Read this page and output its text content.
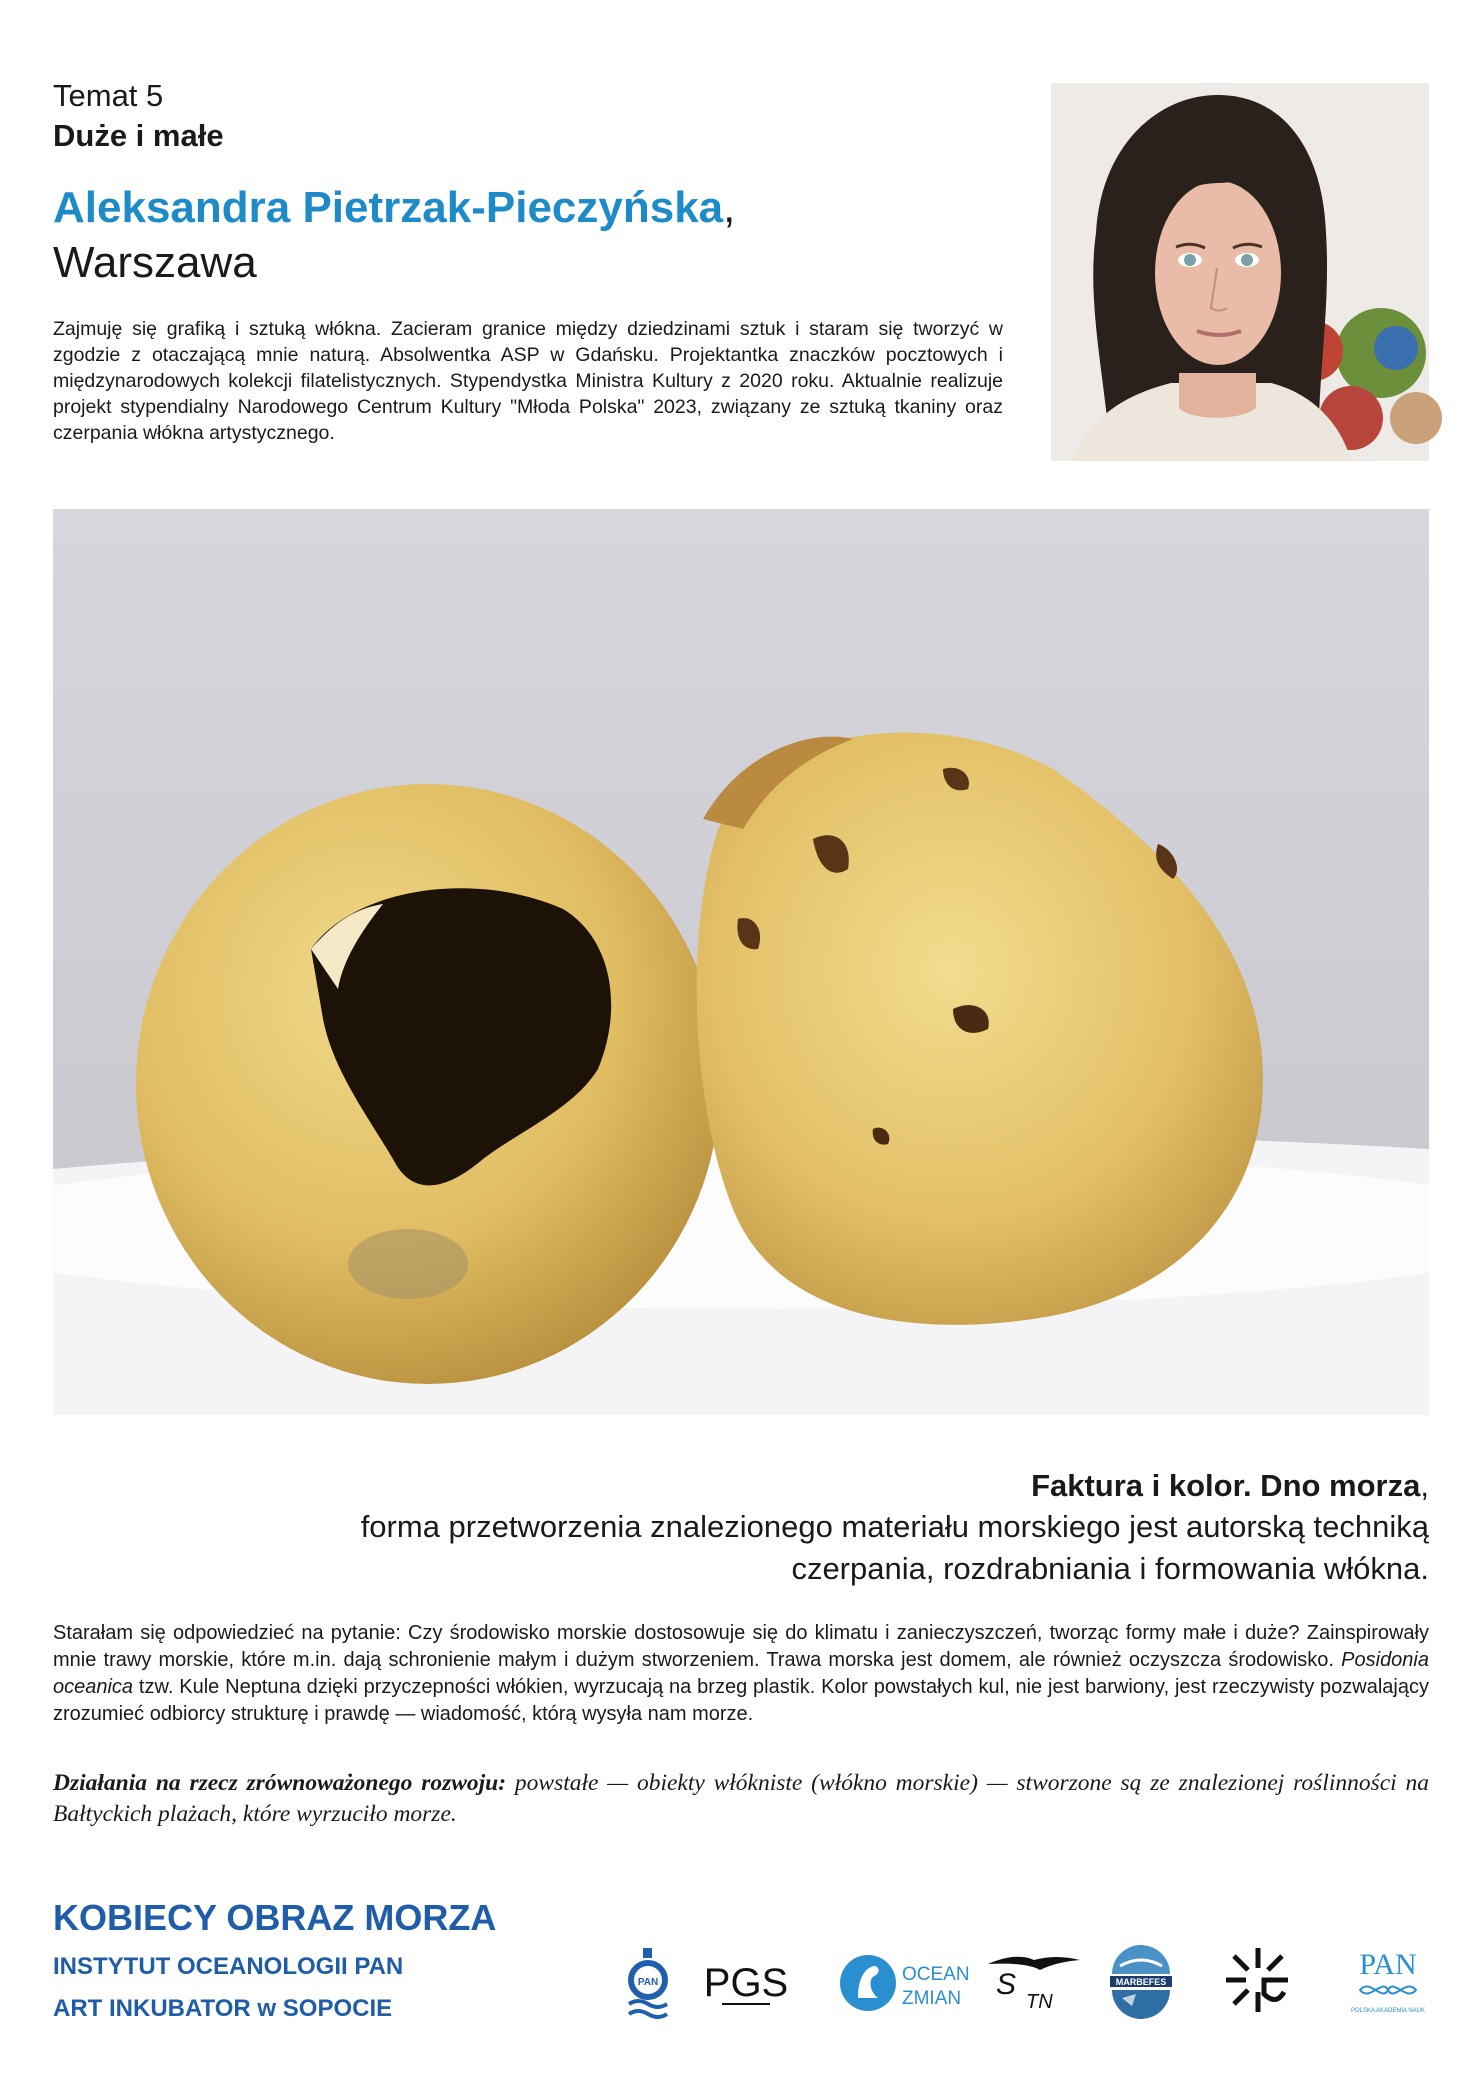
Temat 5
Duże i małe
Aleksandra Pietrzak-Pieczyńska,
Warszawa
Zajmuję się grafiką i sztuką włókna. Zacieram granice między dziedzinami sztuk i staram się tworzyć w zgodzie z otaczającą mnie naturą. Absolwentka ASP w Gdańsku. Projektantka znaczków pocztowych i międzynarodowych kolekcji filatelistycznych. Stypendystka Ministra Kultury z 2020 roku. Aktualnie realizuje projekt stypendialny Narodowego Centrum Kultury "Młoda Polska" 2023, związany ze sztuką tkaniny oraz czerpania włókna artystycznego.
Faktura i kolor. Dno morza,
forma przetworzenia znalezionego materiału morskiego jest autorską techniką
czerpania, rozdrabniania i formowania włókna.
Starałam się odpowiedzieć na pytanie: Czy środowisko morskie dostosowuje się do klimatu i zanieczyszczeń, tworząc formy małe i duże? Zainspirowały mnie trawy morskie, które m.in. dają schronienie małym i dużym stworzeniem. Trawa morska jest domem, ale również oczyszcza środowisko. Posidonia oceanica tzw. Kule Neptuna dzięki przyczepności włókien, wyrzucają na brzeg plastik. Kolor powstałych kul, nie jest barwiony, jest rzeczywisty pozwalający zrozumieć odbiorcy strukturę i prawdę — wiadomość, którą wysyła nam morze.
Działania na rzecz zrównoważonego rozwoju: powstałe — obiekty włókniste (włókno morskie) — stworzone są ze znalezionej roślinności na Bałtyckich plażach, które wyrzuciło morze.
KOBIECY OBRAZ MORZA
INSTYTUT OCEANOLOGII PAN
ART INKUBATOR w SOPOCIE
PAN PGS	OCEAN
ZMIAN S
TN
MARBEFES
PAN
POLSKA AKADEMIA NAUK
